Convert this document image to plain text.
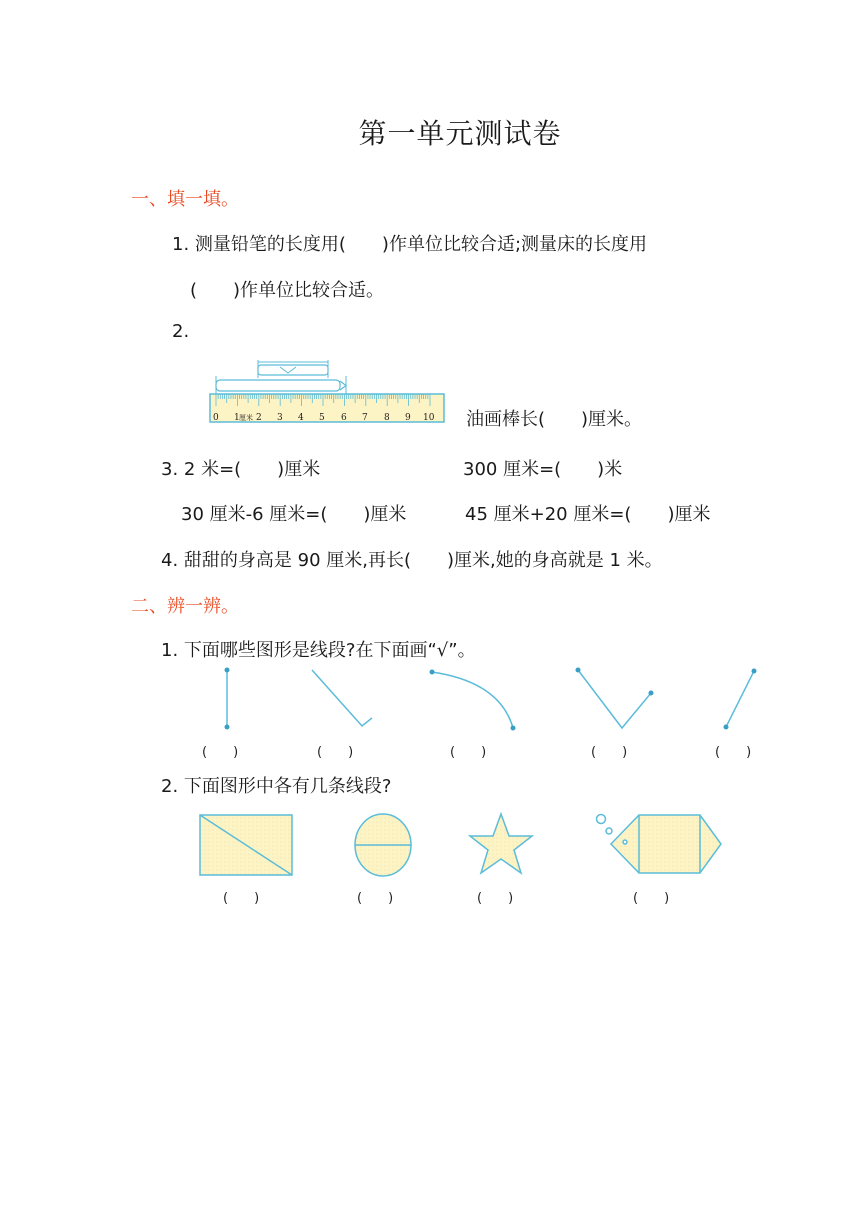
第一单元测试卷
一、填一填。
1. 测量铅笔的长度用(　　)作单位比较合适;测量床的长度用
(　　)作单位比较合适。
2.
0 1 厘米 2 3 4 5 6 7 8 9 10 油画棒长(　　)厘米。
3. 2 米=(　　)厘米	300 厘米=(　　)米
30 厘米-6 厘米=(　　)厘米	45 厘米+20 厘米=(　　)厘米
4. 甜甜的身高是 90 厘米,再长(　　)厘米,她的身高就是 1 米。
二、辨一辨。
1. 下面哪些图形是线段?在下面画“√”。
(　　)	(　　)	(　　)	(　　)	(　　)
2. 下面图形中各有几条线段?
(　　)	(　　)	(　　)	(　　)
